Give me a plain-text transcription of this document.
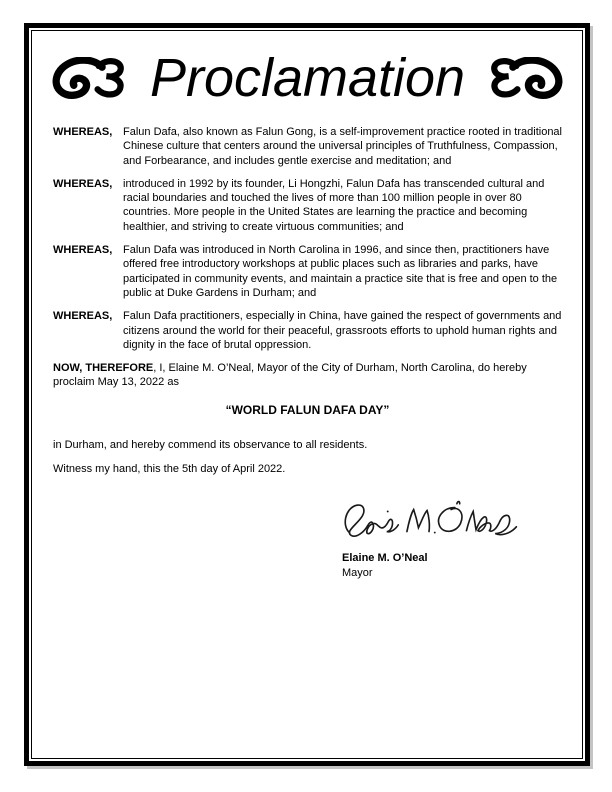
Proclamation
WHEREAS, Falun Dafa, also known as Falun Gong, is a self-improvement practice rooted in traditional Chinese culture that centers around the universal principles of Truthfulness, Compassion, and Forbearance, and includes gentle exercise and meditation; and
WHEREAS, introduced in 1992 by its founder, Li Hongzhi, Falun Dafa has transcended cultural and racial boundaries and touched the lives of more than 100 million people in over 80 countries. More people in the United States are learning the practice and becoming healthier, and striving to create virtuous communities; and
WHEREAS, Falun Dafa was introduced in North Carolina in 1996, and since then, practitioners have offered free introductory workshops at public places such as libraries and parks, have participated in community events, and maintain a practice site that is free and open to the public at Duke Gardens in Durham; and
WHEREAS, Falun Dafa practitioners, especially in China, have gained the respect of governments and citizens around the world for their peaceful, grassroots efforts to uphold human rights and dignity in the face of brutal oppression.

NOW, THEREFORE, I, Elaine M. O’Neal, Mayor of the City of Durham, North Carolina, do hereby proclaim May 13, 2022 as

“WORLD FALUN DAFA DAY”

in Durham, and hereby commend its observance to all residents.

Witness my hand, this the 5th day of April 2022.

Elaine M. O’Neal
Mayor
